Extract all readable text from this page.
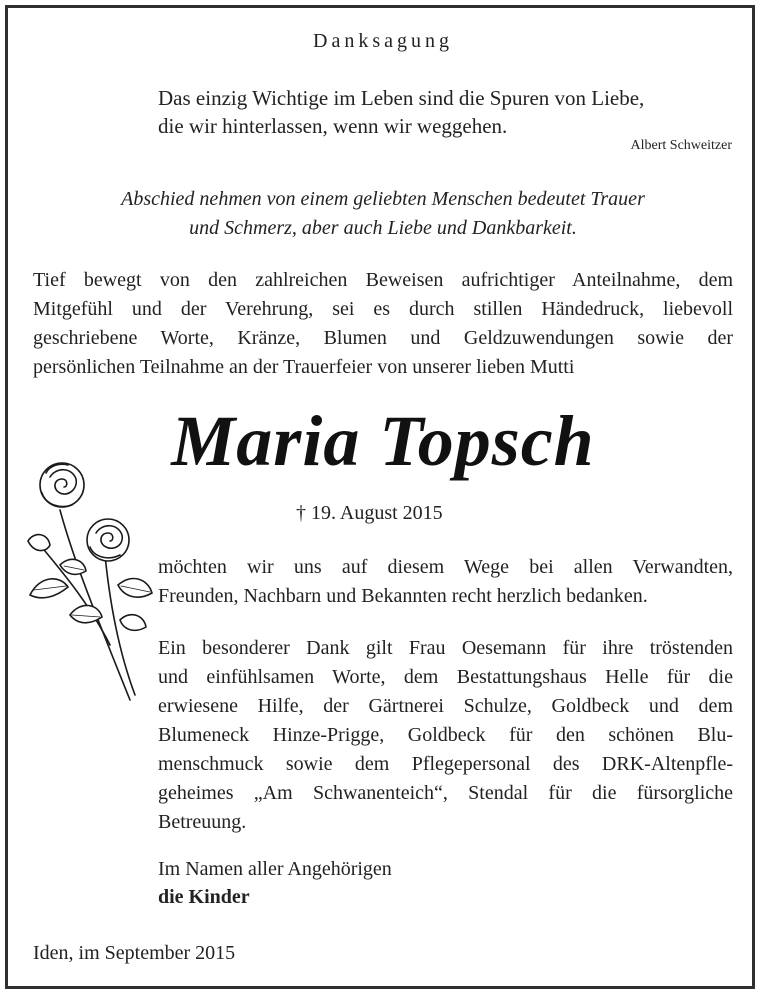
Danksagung
Das einzig Wichtige im Leben sind die Spuren von Liebe,
die wir hinterlassen, wenn wir weggehen.
Albert Schweitzer
Abschied nehmen von einem geliebten Menschen bedeutet Trauer
und Schmerz, aber auch Liebe und Dankbarkeit.
Tief bewegt von den zahlreichen Beweisen aufrichtiger Anteilnahme, dem
Mitgefühl und der Verehrung, sei es durch stillen Händedruck, liebevoll
geschriebene Worte, Kränze, Blumen und Geldzuwendungen sowie der
persönlichen Teilnahme an der Trauerfeier von unserer lieben Mutti
Maria Topsch
† 19. August 2015
möchten wir uns auf diesem Wege bei allen Verwandten,
Freunden, Nachbarn und Bekannten recht herzlich bedanken.
Ein besonderer Dank gilt Frau Oesemann für ihre tröstenden
und einfühlsamen Worte, dem Bestattungshaus Helle für die
erwiesene Hilfe, der Gärtnerei Schulze, Goldbeck und dem
Blumeneck Hinze-Prigge, Goldbeck für den schönen Blu-
menschmuck sowie dem Pflegepersonal des DRK-Altenpfle-
geheimes „Am Schwanenteich“, Stendal für die fürsorgliche
Betreuung.
Im Namen aller Angehörigen
die Kinder
Iden, im September 2015
